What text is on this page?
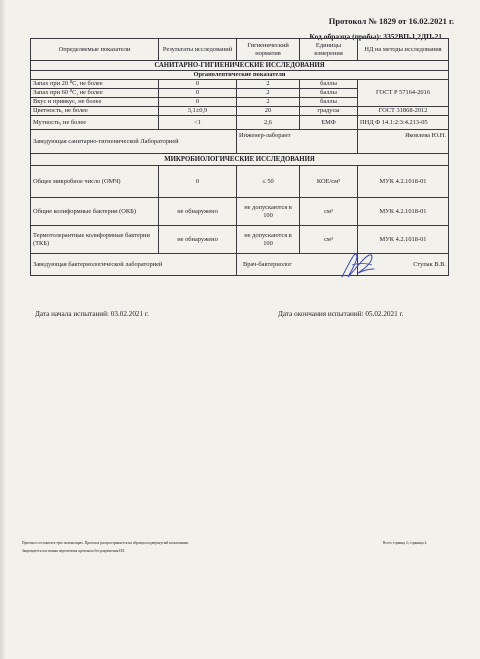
Протокол № 1829 от 16.02.2021 г.
Код образца (пробы): 3352ВП-1,2ДП-21
Определяемые показатели	Результаты исследований	Гигиенический норматив	Единицы измерения	НД на методы исследования
САНИТАРНО-ГИГИЕНИЧЕСКИЕ ИССЛЕДОВАНИЯ				
Органолептические показатели				
Запах при 20 ⁰С, не более	0	2	баллы	ГОСТ Р 57164-2016
Запах при 60 ⁰С, не более	0	2	баллы	
Вкус и привкус, не более	0	2	баллы	
Цветность, не более	3,1±0,9	20	градусы	ГОСТ 31868-2012
Мутность, не более	<1	2,6	ЕМФ	ПНД Ф 14.1:2:3:4.213-05
Заведующая санитарно-гигиенической Лабораторией		Инженер-лаборант		Яковлева Ю.Н.
МИКРОБИОЛОГИЧЕСКИЕ ИССЛЕДОВАНИЯ				
Общее микробное число (ОМЧ)	0	≤ 50	КОЕ/см³	МУК 4.2.1018-01
Общие колиформные бактерии (ОКБ)	не обнаружено	не допускаются в 100	см³	МУК 4.2.1018-01
Термотолерантные колиформные бактерии (ТКБ)	не обнаружено	не допускаются в 100	см³	МУК 4.2.1018-01
Заведующая бактериологической лабораторией		Врач-бактериолог		Ступак В.В.
Дата начала испытаний: 03.02.2021 г.	Дата окончания испытаний: 05.02.2021 г.
Протокол составлен в трех экземплярах. Протокол распространяется на образцы подвергнутый испытаниям.
Запрещается частичная перепечатка протокола без разрешения ИЛ.
Всего страниц 2; страница 2.
